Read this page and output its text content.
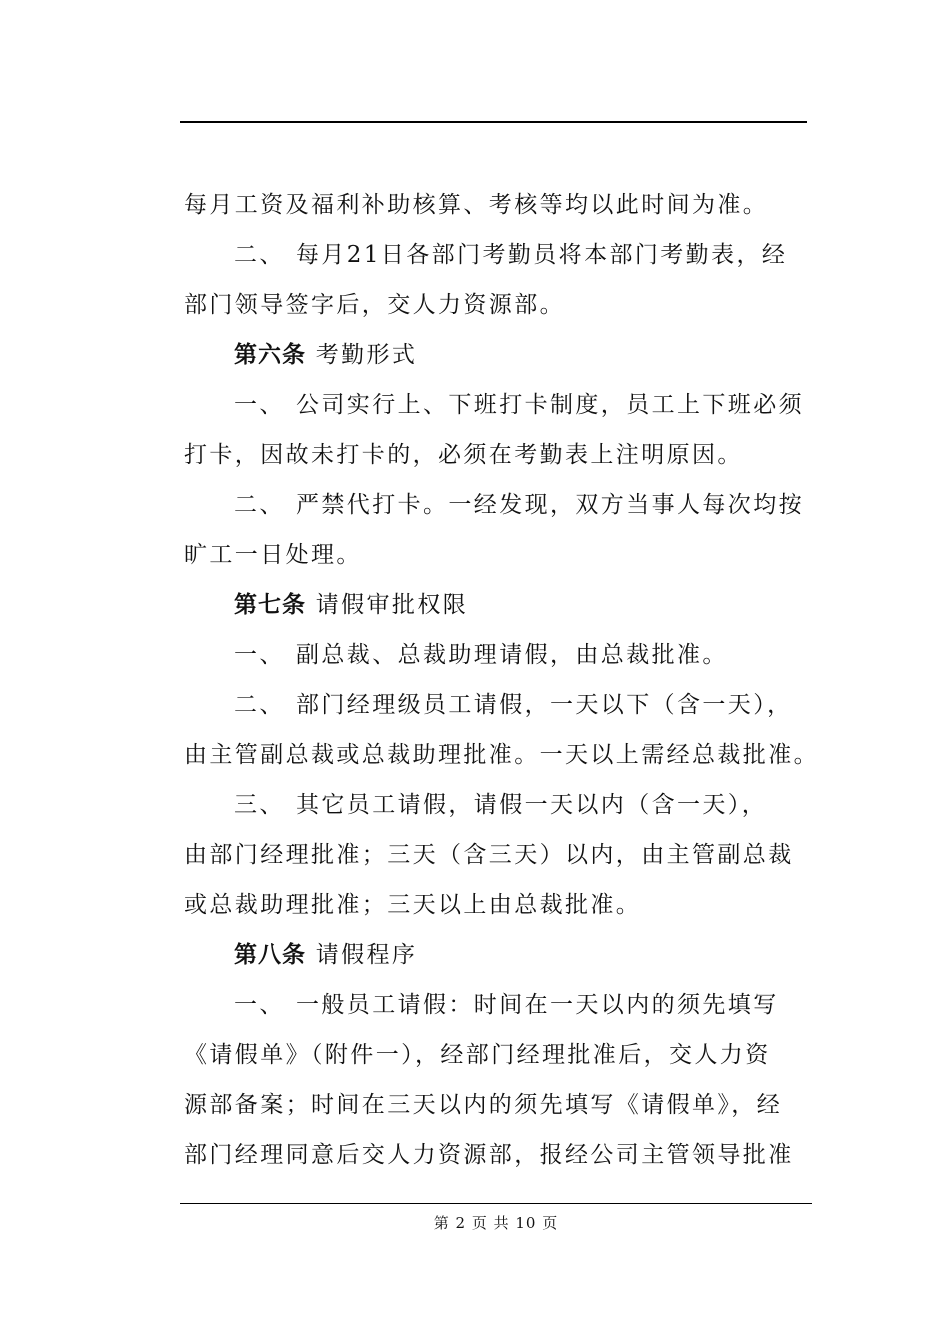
每月工资及福利补助核算、考核等均以此时间为准。
二、 每月21日各部门考勤员将本部门考勤表，经
部门领导签字后，交人力资源部。
第六条 考勤形式
一、 公司实行上、下班打卡制度，员工上下班必须
打卡，因故未打卡的，必须在考勤表上注明原因。
二、 严禁代打卡。一经发现，双方当事人每次均按
旷工一日处理。
第七条 请假审批权限
一、 副总裁、总裁助理请假，由总裁批准。
二、 部门经理级员工请假，一天以下（含一天），
由主管副总裁或总裁助理批准。一天以上需经总裁批准。
三、 其它员工请假，请假一天以内（含一天），
由部门经理批准；三天（含三天）以内，由主管副总裁
或总裁助理批准；三天以上由总裁批准。
第八条 请假程序
一、 一般员工请假：时间在一天以内的须先填写
《请假单》（附件一），经部门经理批准后，交人力资
源部备案；时间在三天以内的须先填写《请假单》，经
部门经理同意后交人力资源部，报经公司主管领导批准
第 2 页 共 10 页
